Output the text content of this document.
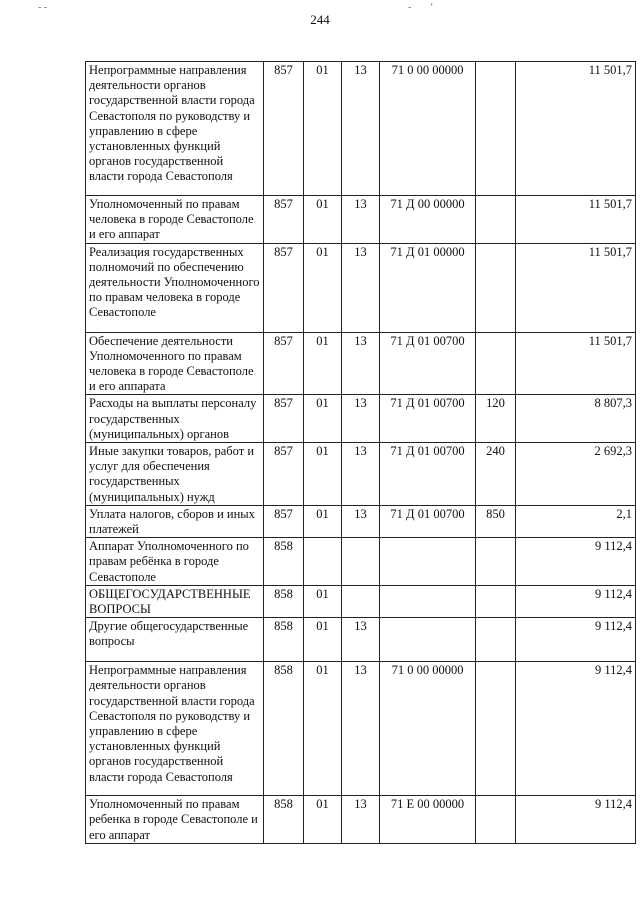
- -	- ‘
244
Непрограммные направления деятельности органов государственной власти города Севастополя по руководству и управлению в сфере установленных функций органов государственной власти города Севастополя	857	01	13	71 0 00 00000		11 501,7
Уполномоченный по правам человека в городе Севастополе и его аппарат	857	01	13	71 Д 00 00000		11 501,7
Реализация государственных полномочий по обеспечению деятельности Уполномоченного по правам человека в городе Севастополе	857	01	13	71 Д 01 00000		11 501,7
Обеспечение деятельности Уполномоченного по правам человека в городе Севастополе и его аппарата	857	01	13	71 Д 01 00700		11 501,7
Расходы на выплаты персоналу государственных (муниципальных) органов	857	01	13	71 Д 01 00700	120	8 807,3
Иные закупки товаров, работ и услуг для обеспечения государственных (муниципальных) нужд	857	01	13	71 Д 01 00700	240	2 692,3
Уплата налогов, сборов и иных платежей	857	01	13	71 Д 01 00700	850	2,1
Аппарат Уполномоченного по правам ребёнка в городе Севастополе	858					9 112,4
ОБЩЕГОСУДАРСТВЕННЫЕ ВОПРОСЫ	858	01				9 112,4
Другие общегосударственные вопросы	858	01	13			9 112,4
Непрограммные направления деятельности органов государственной власти города Севастополя по руководству и управлению в сфере установленных функций органов государственной власти города Севастополя	858	01	13	71 0 00 00000		9 112,4
Уполномоченный по правам ребенка в городе Севастополе и его аппарат	858	01	13	71 Е 00 00000		9 112,4
